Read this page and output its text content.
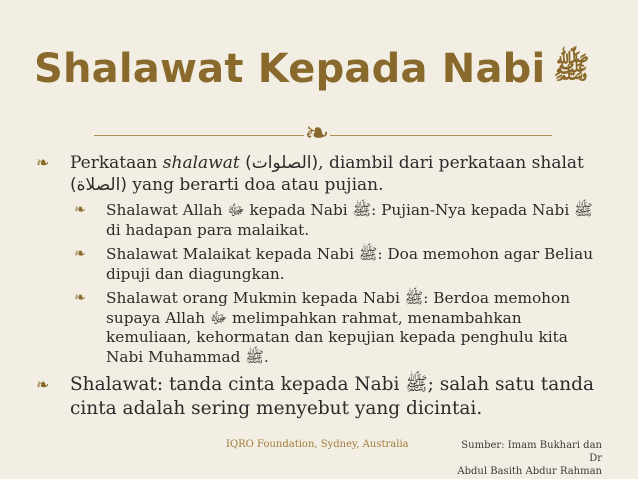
Shalawat Kepada Nabi ﷺ
❧
❧ Perkataan shalawat (الصلوات), diambil dari perkataan shalat (الصلاة) yang berarti doa atau pujian.
❧ Shalawat Allah ﷻ kepada Nabi ﷺ: Pujian-Nya kepada Nabi ﷺ di hadapan para malaikat.
❧ Shalawat Malaikat kepada Nabi ﷺ: Doa memohon agar Beliau dipuji dan diagungkan.
❧ Shalawat orang Mukmin kepada Nabi ﷺ: Berdoa memohon supaya Allah ﷻ melimpahkan rahmat, menambahkan kemuliaan, kehormatan dan kepujian kepada penghulu kita Nabi Muhammad ﷺ.
❧ Shalawat: tanda cinta kepada Nabi ﷺ; salah satu tanda cinta adalah sering menyebut yang dicintai.
IQRO Foundation, Sydney, Australia	Sumber: Imam Bukhari dan Dr
Abdul Basith Abdur Rahman
